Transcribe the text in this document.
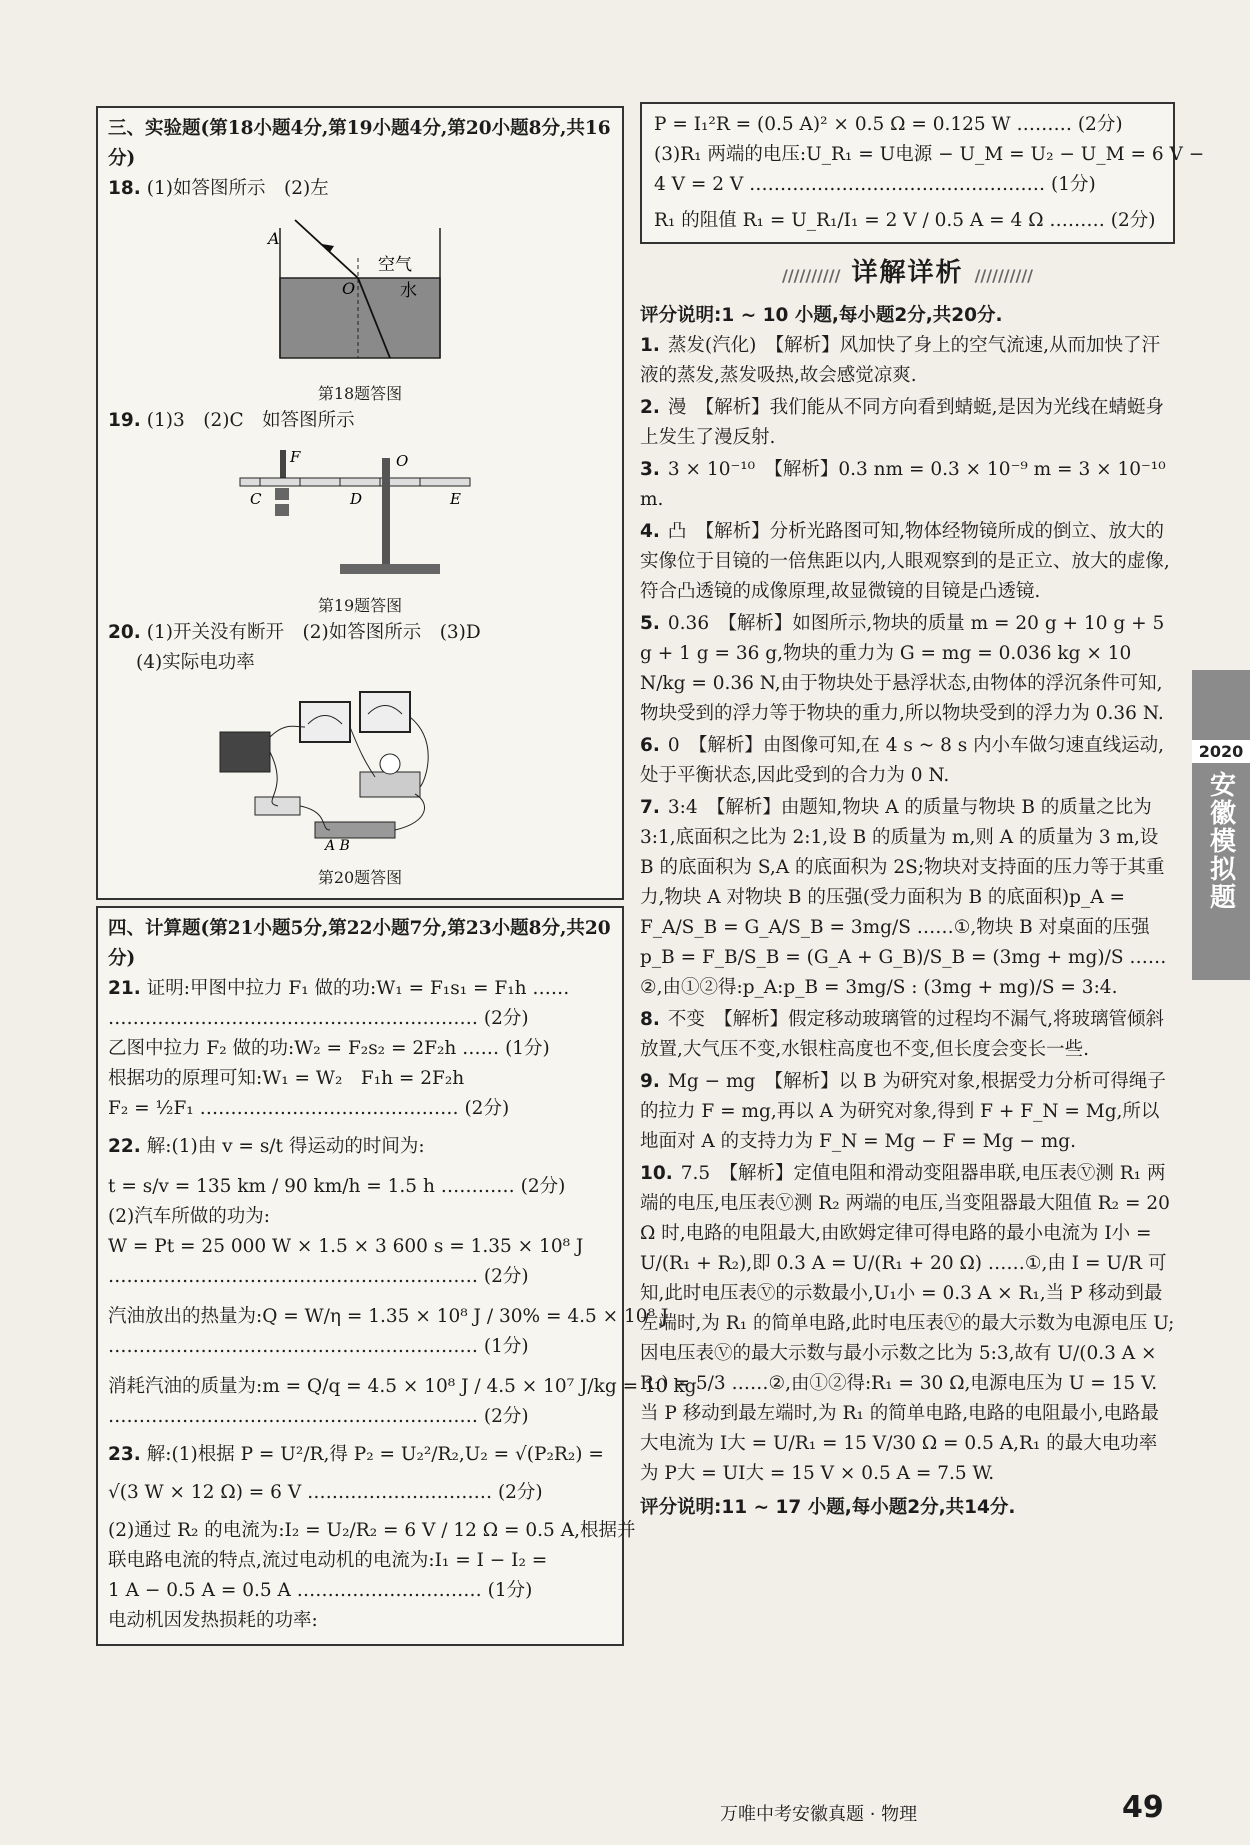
三、实验题(第18小题4分,第19小题4分,第20小题8分,共16分)
18. (1)如答图所示　(2)左
A
O
空气
水
第18题答图
19. (1)3　(2)C　如答图所示
F
C	D
O
E
第19题答图
20. (1)开关没有断开　(2)如答图所示　(3)D
(4)实际电功率
A B
第20题答图
四、计算题(第21小题5分,第22小题7分,第23小题8分,共20分)
21. 证明:甲图中拉力 F₁ 做的功:W₁ = F₁s₁ = F₁h ……
…………………………………………………… (2分)
乙图中拉力 F₂ 做的功:W₂ = F₂s₂ = 2F₂h …… (1分)
根据功的原理可知:W₁ = W₂　F₁h = 2F₂h
F₂ = ½F₁ …………………………………… (2分)
22. 解:(1)由 v = s/t 得运动的时间为:
t = s/v = 135 km / 90 km/h = 1.5 h ………… (2分)
(2)汽车所做的功为:
W = Pt = 25 000 W × 1.5 × 3 600 s = 1.35 × 10⁸ J
…………………………………………………… (2分)
汽油放出的热量为:Q = W/η = 1.35 × 10⁸ J / 30% = 4.5 × 10⁸ J
…………………………………………………… (1分)
消耗汽油的质量为:m = Q/q = 4.5 × 10⁸ J / 4.5 × 10⁷ J/kg = 10 kg
…………………………………………………… (2分)
23. 解:(1)根据 P = U²/R,得 P₂ = U₂²/R₂,U₂ = √(P₂R₂) =
√(3 W × 12 Ω) = 6 V ………………………… (2分)
(2)通过 R₂ 的电流为:I₂ = U₂/R₂ = 6 V / 12 Ω = 0.5 A,根据并
联电路电流的特点,流过电动机的电流为:I₁ = I − I₂ =
1 A − 0.5 A = 0.5 A ………………………… (1分)
电动机因发热损耗的功率:
P = I₁²R = (0.5 A)² × 0.5 Ω = 0.125 W ……… (2分)
(3)R₁ 两端的电压:U_R₁ = U电源 − U_M = U₂ − U_M = 6 V −
4 V = 2 V ………………………………………… (1分)
R₁ 的阻值 R₁ = U_R₁/I₁ = 2 V / 0.5 A = 4 Ω ……… (2分)
////////// 详解详析 //////////
评分说明:1 ~ 10 小题,每小题2分,共20分.
1. 蒸发(汽化)　【解析】风加快了身上的空气流速,从而加快了汗液的蒸发,蒸发吸热,故会感觉凉爽.
2. 漫　【解析】我们能从不同方向看到蜻蜓,是因为光线在蜻蜓身上发生了漫反射.
3. 3 × 10⁻¹⁰　【解析】0.3 nm = 0.3 × 10⁻⁹ m = 3 × 10⁻¹⁰ m.
4. 凸　【解析】分析光路图可知,物体经物镜所成的倒立、放大的实像位于目镜的一倍焦距以内,人眼观察到的是正立、放大的虚像,符合凸透镜的成像原理,故显微镜的目镜是凸透镜.
5. 0.36　【解析】如图所示,物块的质量 m = 20 g + 10 g + 5 g + 1 g = 36 g,物块的重力为 G = mg = 0.036 kg × 10 N/kg = 0.36 N,由于物块处于悬浮状态,由物体的浮沉条件可知,物块受到的浮力等于物块的重力,所以物块受到的浮力为 0.36 N.
6. 0　【解析】由图像可知,在 4 s ~ 8 s 内小车做匀速直线运动,处于平衡状态,因此受到的合力为 0 N.
7. 3:4　【解析】由题知,物块 A 的质量与物块 B 的质量之比为 3:1,底面积之比为 2:1,设 B 的质量为 m,则 A 的质量为 3 m,设 B 的底面积为 S,A 的底面积为 2S;物块对支持面的压力等于其重力,物块 A 对物块 B 的压强(受力面积为 B 的底面积)p_A = F_A/S_B = G_A/S_B = 3mg/S ……①,物块 B 对桌面的压强 p_B = F_B/S_B = (G_A + G_B)/S_B = (3mg + mg)/S ……②,由①②得:p_A:p_B = 3mg/S : (3mg + mg)/S = 3:4.
8. 不变　【解析】假定移动玻璃管的过程均不漏气,将玻璃管倾斜放置,大气压不变,水银柱高度也不变,但长度会变长一些.
9. Mg − mg　【解析】以 B 为研究对象,根据受力分析可得绳子的拉力 F = mg,再以 A 为研究对象,得到 F + F_N = Mg,所以地面对 A 的支持力为 F_N = Mg − F = Mg − mg.
10. 7.5　【解析】定值电阻和滑动变阻器串联,电压表Ⓥ测 R₁ 两端的电压,电压表Ⓥ测 R₂ 两端的电压,当变阻器最大阻值 R₂ = 20 Ω 时,电路的电阻最大,由欧姆定律可得电路的最小电流为 I小 = U/(R₁ + R₂),即 0.3 A = U/(R₁ + 20 Ω) ……①,由 I = U/R 可知,此时电压表Ⓥ的示数最小,U₁小 = 0.3 A × R₁,当 P 移动到最左端时,为 R₁ 的简单电路,此时电压表Ⓥ的最大示数为电源电压 U;因电压表Ⓥ的最大示数与最小示数之比为 5:3,故有 U/(0.3 A × R₁) = 5/3 ……②,由①②得:R₁ = 30 Ω,电源电压为 U = 15 V.当 P 移动到最左端时,为 R₁ 的简单电路,电路的电阻最小,电路最大电流为 I大 = U/R₁ = 15 V/30 Ω = 0.5 A,R₁ 的最大电功率为 P大 = UI大 = 15 V × 0.5 A = 7.5 W.
评分说明:11 ~ 17 小题,每小题2分,共14分.
2020
安徽模拟题
万唯中考安徽真题 · 物理	49
